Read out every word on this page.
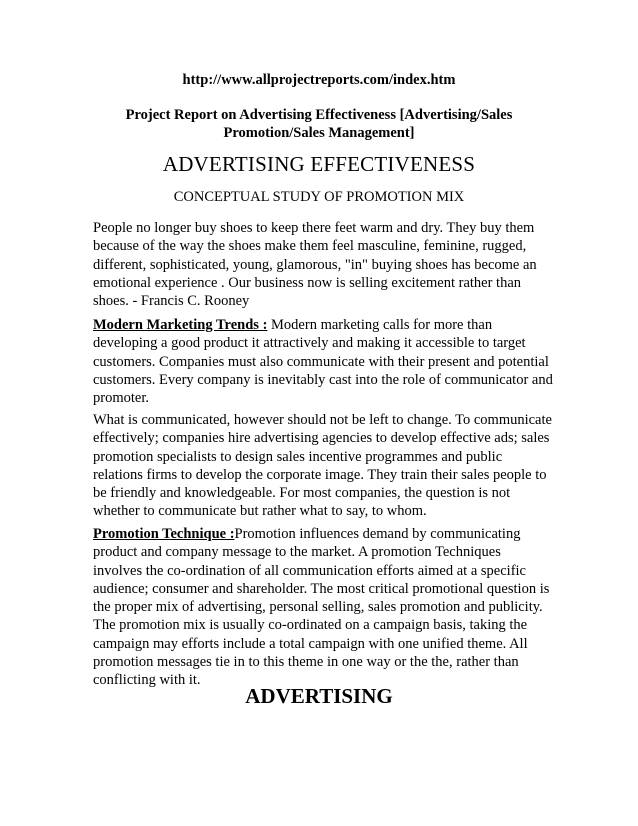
http://www.allprojectreports.com/index.htm
Project Report on Advertising Effectiveness [Advertising/Sales Promotion/Sales Management]
ADVERTISING EFFECTIVENESS
CONCEPTUAL STUDY OF PROMOTION MIX

People no longer buy shoes to keep there feet warm and dry. They buy them because of the way the shoes make them feel masculine, feminine, rugged, different, sophisticated, young, glamorous, "in" buying shoes has become an emotional experience . Our business now is selling excitement rather than shoes. - Francis C. Rooney

Modern Marketing Trends : Modern marketing calls for more than developing a good product it attractively and making it accessible to target customers. Companies must also communicate with their present and potential customers. Every company is inevitably cast into the role of communicator and promoter.

What is communicated, however should not be left to change. To communicate effectively; companies hire advertising agencies to develop effective ads; sales promotion specialists to design sales incentive programmes and public relations firms to develop the corporate image. They train their sales people to be friendly and knowledgeable. For most companies, the question is not whether to communicate but rather what to say, to whom.

Promotion Technique :Promotion influences demand by communicating product and company message to the market. A promotion Techniques involves the co-ordination of all communication efforts aimed at a specific audience; consumer and shareholder. The most critical promotional question is the proper mix of advertising, personal selling, sales promotion and publicity. The promotion mix is usually co-ordinated on a campaign basis, taking the campaign may efforts include a total campaign with one unified theme. All promotion messages tie in to this theme in one way or the the, rather than conflicting with it.

ADVERTISING
